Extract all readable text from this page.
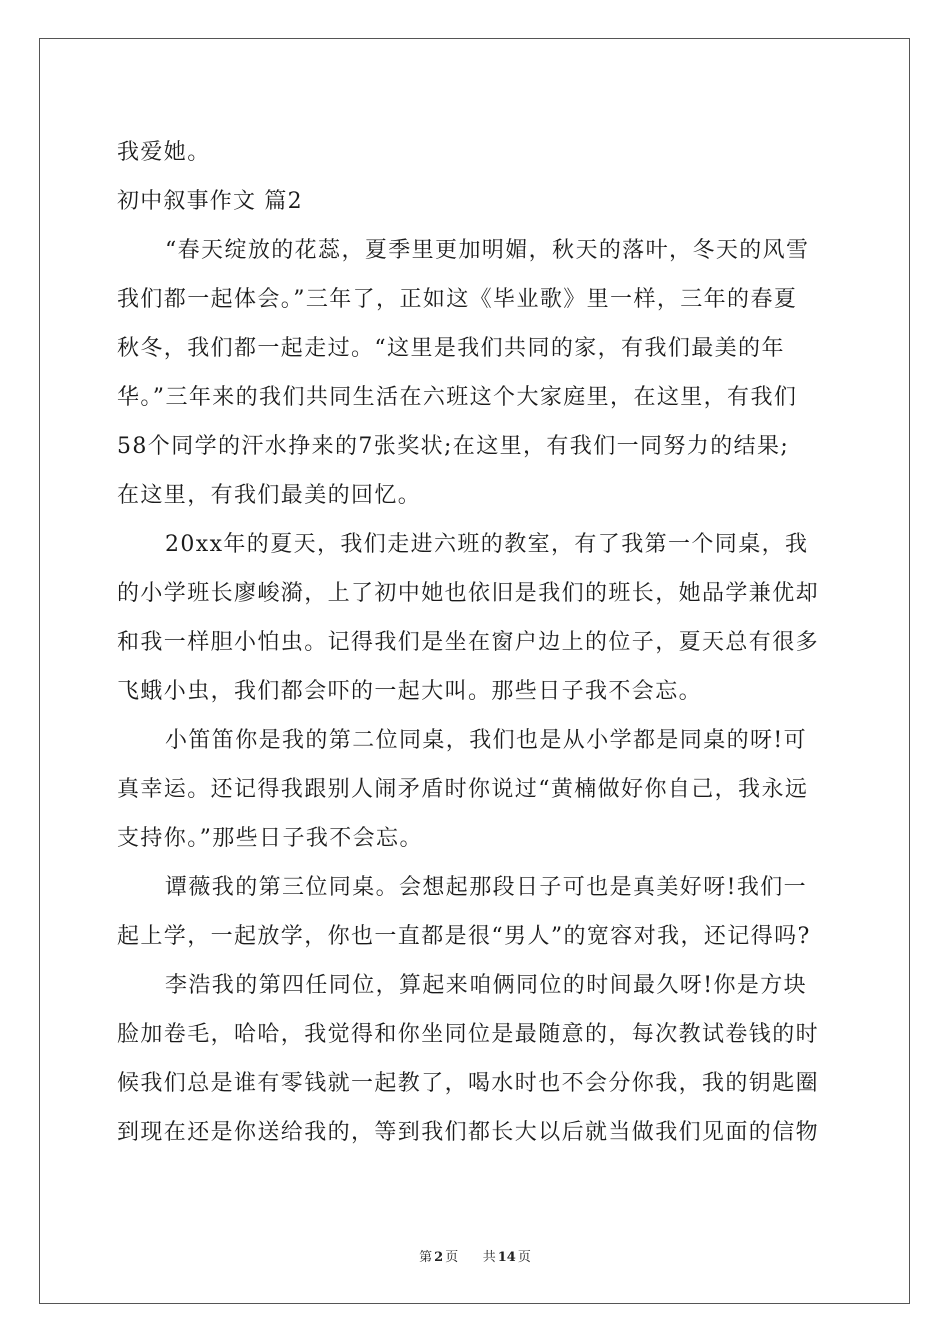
我爱她。
初中叙事作文 篇2
“春天绽放的花蕊，夏季里更加明媚，秋天的落叶，冬天的风雪
我们都一起体会。”三年了，正如这《毕业歌》里一样，三年的春夏
秋冬，我们都一起走过。“这里是我们共同的家，有我们最美的年
华。”三年来的我们共同生活在六班这个大家庭里，在这里，有我们
58个同学的汗水挣来的7张奖状;在这里，有我们一同努力的结果;
在这里，有我们最美的回忆。
20xx年的夏天，我们走进六班的教室，有了我第一个同桌，我
的小学班长廖峻漪，上了初中她也依旧是我们的班长，她品学兼优却
和我一样胆小怕虫。记得我们是坐在窗户边上的位子，夏天总有很多
飞蛾小虫，我们都会吓的一起大叫。那些日子我不会忘。
小笛笛你是我的第二位同桌，我们也是从小学都是同桌的呀!可
真幸运。还记得我跟别人闹矛盾时你说过“黄楠做好你自己，我永远
支持你。”那些日子我不会忘。
谭薇我的第三位同桌。会想起那段日子可也是真美好呀!我们一
起上学，一起放学，你也一直都是很“男人”的宽容对我，还记得吗?
李浩我的第四任同位，算起来咱俩同位的时间最久呀!你是方块
脸加卷毛，哈哈，我觉得和你坐同位是最随意的，每次教试卷钱的时
候我们总是谁有零钱就一起教了，喝水时也不会分你我，我的钥匙圈
到现在还是你送给我的，等到我们都长大以后就当做我们见面的信物
第 2 页 共 14 页
